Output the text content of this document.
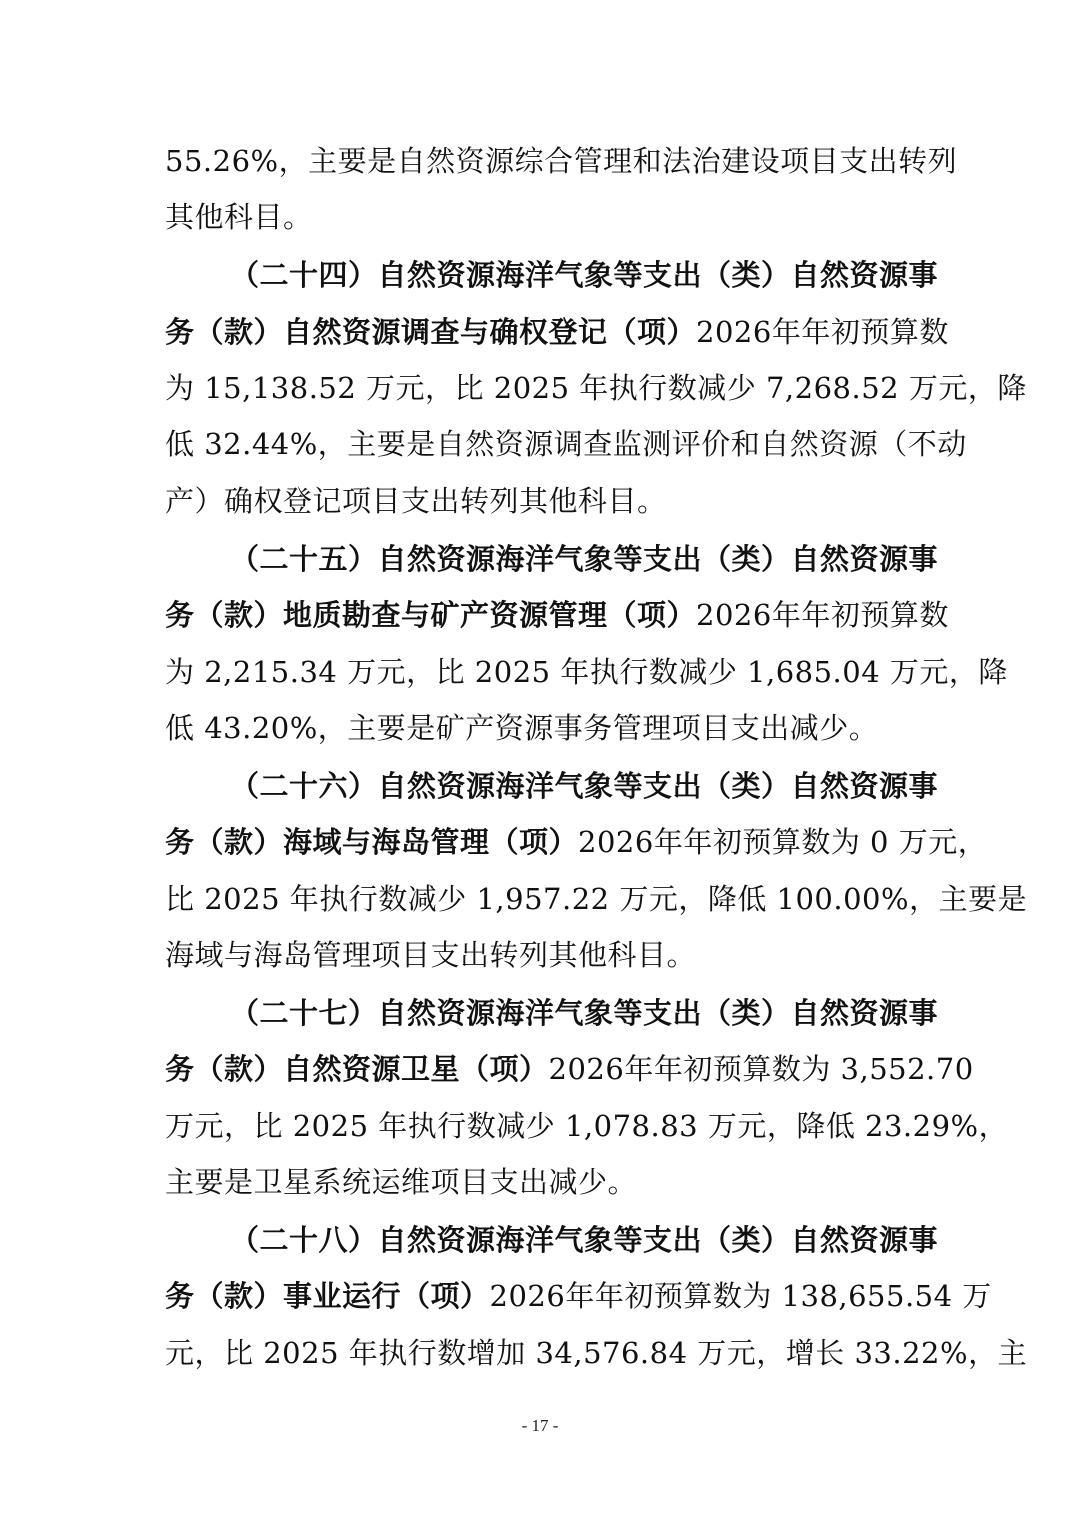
55.26%，主要是自然资源综合管理和法治建设项目支出转列
其他科目。
（二十四）自然资源海洋气象等支出（类）自然资源事
务（款）自然资源调查与确权登记（项）2026年年初预算数
为 15,138.52 万元，比 2025 年执行数减少 7,268.52 万元，降
低 32.44%，主要是自然资源调查监测评价和自然资源（不动
产）确权登记项目支出转列其他科目。
（二十五）自然资源海洋气象等支出（类）自然资源事
务（款）地质勘查与矿产资源管理（项）2026年年初预算数
为 2,215.34 万元，比 2025 年执行数减少 1,685.04 万元，降
低 43.20%，主要是矿产资源事务管理项目支出减少。
（二十六）自然资源海洋气象等支出（类）自然资源事
务（款）海域与海岛管理（项）2026年年初预算数为 0 万元，
比 2025 年执行数减少 1,957.22 万元，降低 100.00%，主要是
海域与海岛管理项目支出转列其他科目。
（二十七）自然资源海洋气象等支出（类）自然资源事
务（款）自然资源卫星（项）2026年年初预算数为 3,552.70
万元，比 2025 年执行数减少 1,078.83 万元，降低 23.29%，
主要是卫星系统运维项目支出减少。
（二十八）自然资源海洋气象等支出（类）自然资源事
务（款）事业运行（项）2026年年初预算数为 138,655.54 万
元，比 2025 年执行数增加 34,576.84 万元，增长 33.22%，主
- 17 -
